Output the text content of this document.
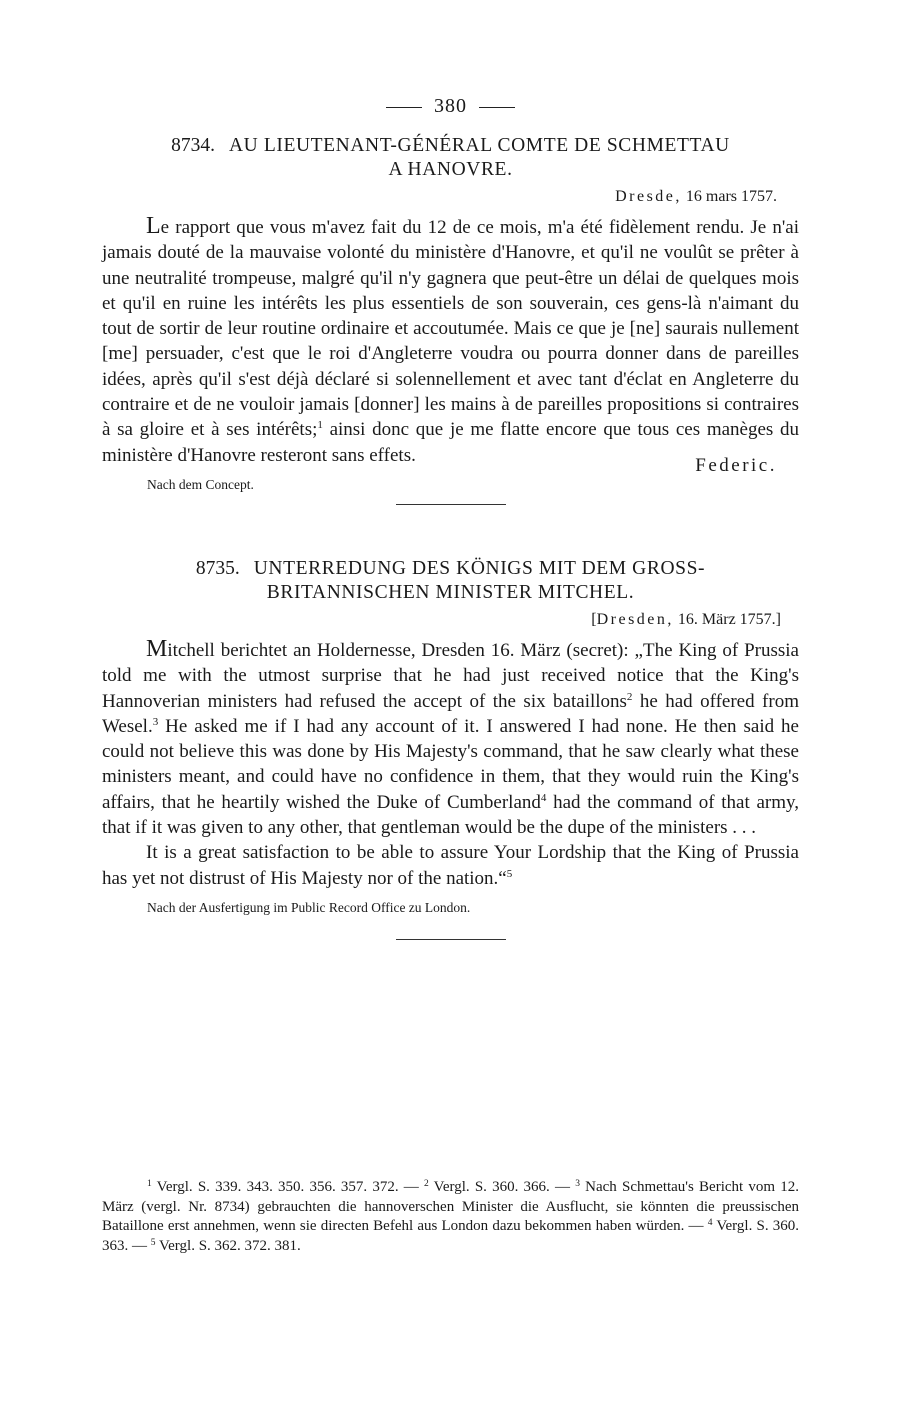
380
8734. AU LIEUTENANT-GÉNÉRAL COMTE DE SCHMETTAU
A HANOVRE.
Dresde, 16 mars 1757.

Le rapport que vous m'avez fait du 12 de ce mois, m'a été fidèlement rendu. Je n'ai jamais douté de la mauvaise volonté du ministère d'Hanovre, et qu'il ne voulût se prêter à une neutralité trompeuse, malgré qu'il n'y gagnera que peut-être un délai de quelques mois et qu'il en ruine les intérêts les plus essentiels de son souverain, ces gens-là n'aimant du tout de sortir de leur routine ordinaire et accoutumée. Mais ce que je [ne] saurais nullement [me] persuader, c'est que le roi d'Angleterre voudra ou pourra donner dans de pareilles idées, après qu'il s'est déjà déclaré si solennellement et avec tant d'éclat en Angleterre du contraire et de ne vouloir jamais [donner] les mains à de pareilles propositions si contraires à sa gloire et à ses intérêts;$^1$ ainsi donc que je me flatte encore que tous ces manèges du ministère d'Hanovre resteront sans effets.	Federic.
Nach dem Concept.
8735. UNTERREDUNG DES KÖNIGS MIT DEM GROSS-
BRITANNISCHEN MINISTER MITCHEL.
[Dresden, 16. März 1757.]

Mitchell berichtet an Holdernesse, Dresden 16. März (secret): „The King of Prussia told me with the utmost surprise that he had just received notice that the King's Hannoverian ministers had refused the accept of the six bataillons$^2$ he had offered from Wesel.$^3$ He asked me if I had any account of it. I answered I had none. He then said he could not believe this was done by His Majesty's command, that he saw clearly what these ministers meant, and could have no confidence in them, that they would ruin the King's affairs, that he heartily wished the Duke of Cumberland$^4$ had the command of that army, that if it was given to any other, that gentleman would be the dupe of the ministers . . .

It is a great satisfaction to be able to assure Your Lordship that the King of Prussia has yet not distrust of His Majesty nor of the nation.“$^5$

Nach der Ausfertigung im Public Record Office zu London.

$^1$ Vergl. S. 339. 343. 350. 356. 357. 372. — $^2$ Vergl. S. 360. 366. — $^3$ Nach Schmettau's Bericht vom 12. März (vergl. Nr. 8734) gebrauchten die hannoverschen Minister die Ausflucht, sie könnten die preussischen Bataillone erst annehmen, wenn sie directen Befehl aus London dazu bekommen haben würden. — $^4$ Vergl. S. 360. 363. — $^5$ Vergl. S. 362. 372. 381.
